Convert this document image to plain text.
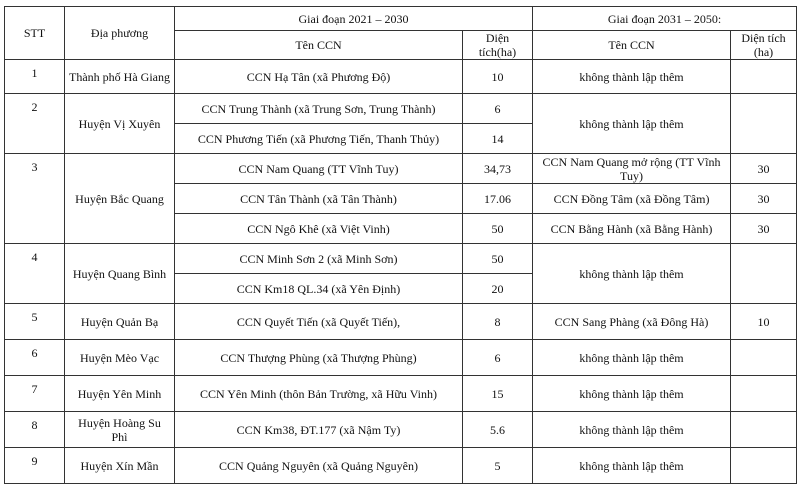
STT	Địa phương	Giai đoạn 2021 – 2030		Giai đoạn 2031 – 2050:	
		Tên CCN	Diện tích(ha)	Tên CCN	Diện tích (ha)
1	Thành phố Hà Giang	CCN Hạ Tân (xã Phương Độ)	10	không thành lập thêm	
2	Huyện Vị Xuyên	CCN Trung Thành (xã Trung Sơn, Trung Thành)	6	không thành lập thêm	
		CCN Phương Tiến (xã Phương Tiến, Thanh Thủy)	14		
3	Huyện Bắc Quang	CCN Nam Quang (TT Vĩnh Tuy)	34,73	CCN Nam Quang mở rộng (TT Vĩnh Tuy)	30
		CCN Tân Thành (xã Tân Thành)	17.06	CCN Đồng Tâm (xã Đồng Tâm)	30
		CCN Ngô Khê (xã Việt Vinh)	50	CCN Bằng Hành (xã Bằng Hành)	30
4	Huyện Quang Bình	CCN Minh Sơn 2 (xã Minh Sơn)	50	không thành lập thêm	
		CCN Km18 QL.34 (xã Yên Định)	20		
5	Huyện Quản Bạ	CCN Quyết Tiến (xã Quyết Tiến),	8	CCN Sang Phàng (xã Đông Hà)	10
6	Huyện Mèo Vạc	CCN Thượng Phùng (xã Thượng Phùng)	6	không thành lập thêm	
7	Huyện Yên Minh	CCN Yên Minh (thôn Bản Trường, xã Hữu Vinh)	15	không thành lập thêm	
8	Huyện Hoàng Su Phì	CCN Km38, ĐT.177 (xã Nậm Ty)	5.6	không thành lập thêm	
9	Huyện Xín Mần	CCN Quảng Nguyên (xã Quảng Nguyên)	5	không thành lập thêm	
